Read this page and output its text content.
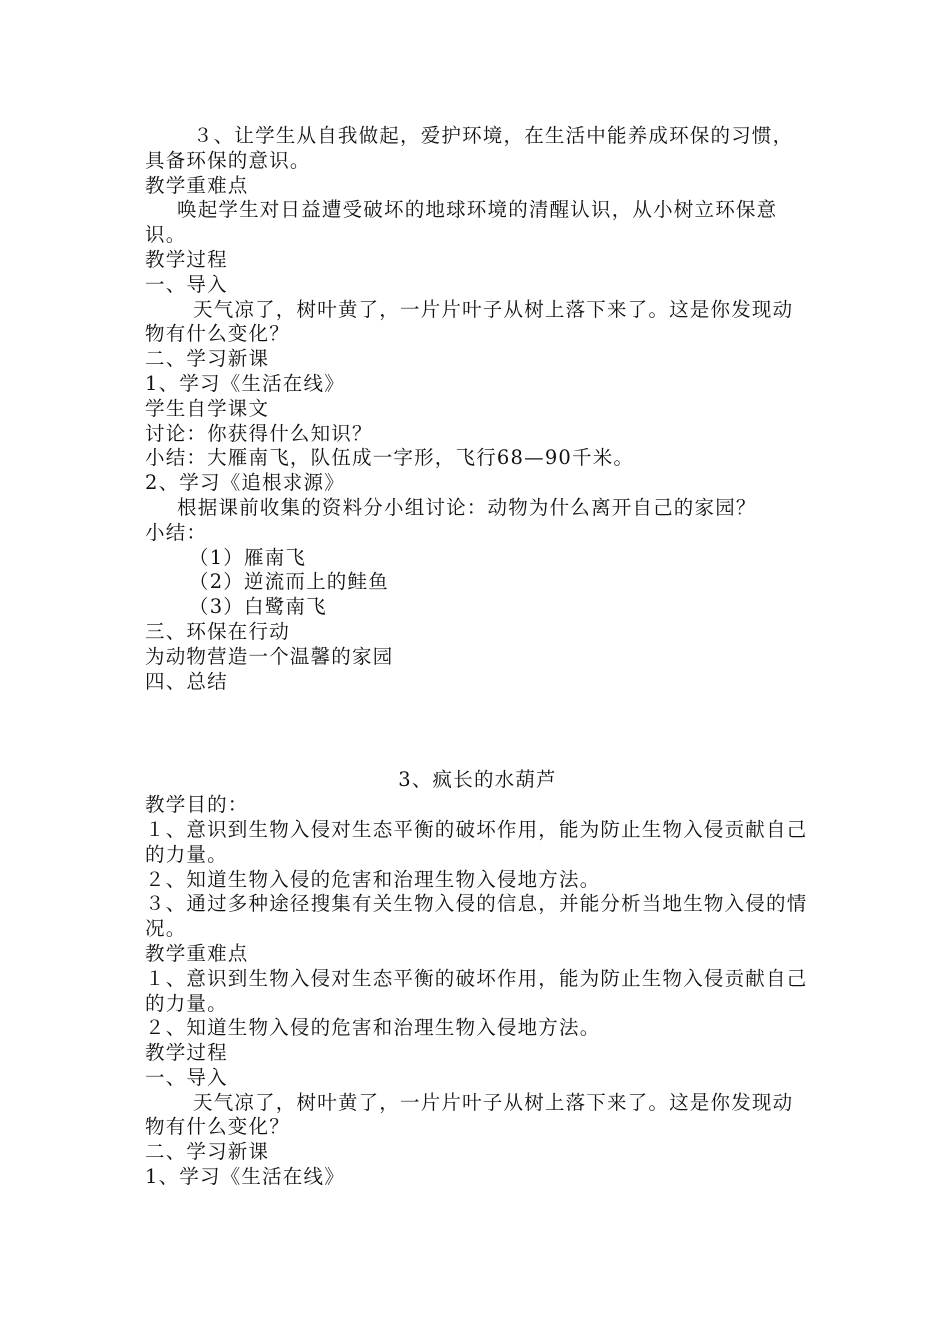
３、让学生从自我做起，爱护环境，在生活中能养成环保的习惯，具备环保的意识。

教学重难点

唤起学生对日益遭受破坏的地球环境的清醒认识，从小树立环保意识。

教学过程

一、导入

天气凉了，树叶黄了，一片片叶子从树上落下来了。这是你发现动物有什么变化？

二、学习新课

1、学习《生活在线》

学生自学课文

讨论：你获得什么知识？

小结：大雁南飞，队伍成一字形，飞行68—90千米。

2、学习《追根求源》

根据课前收集的资料分小组讨论：动物为什么离开自己的家园？

小结：

（1）雁南飞

（2）逆流而上的鲑鱼

（3）白鹭南飞

三、环保在行动

为动物营造一个温馨的家园

四、总结

3、疯长的水葫芦

教学目的：

１、意识到生物入侵对生态平衡的破坏作用，能为防止生物入侵贡献自己的力量。

２、知道生物入侵的危害和治理生物入侵地方法。

３、通过多种途径搜集有关生物入侵的信息，并能分析当地生物入侵的情况。

教学重难点

１、意识到生物入侵对生态平衡的破坏作用，能为防止生物入侵贡献自己的力量。

２、知道生物入侵的危害和治理生物入侵地方法。

教学过程

一、导入

天气凉了，树叶黄了，一片片叶子从树上落下来了。这是你发现动物有什么变化？

二、学习新课

1、学习《生活在线》
